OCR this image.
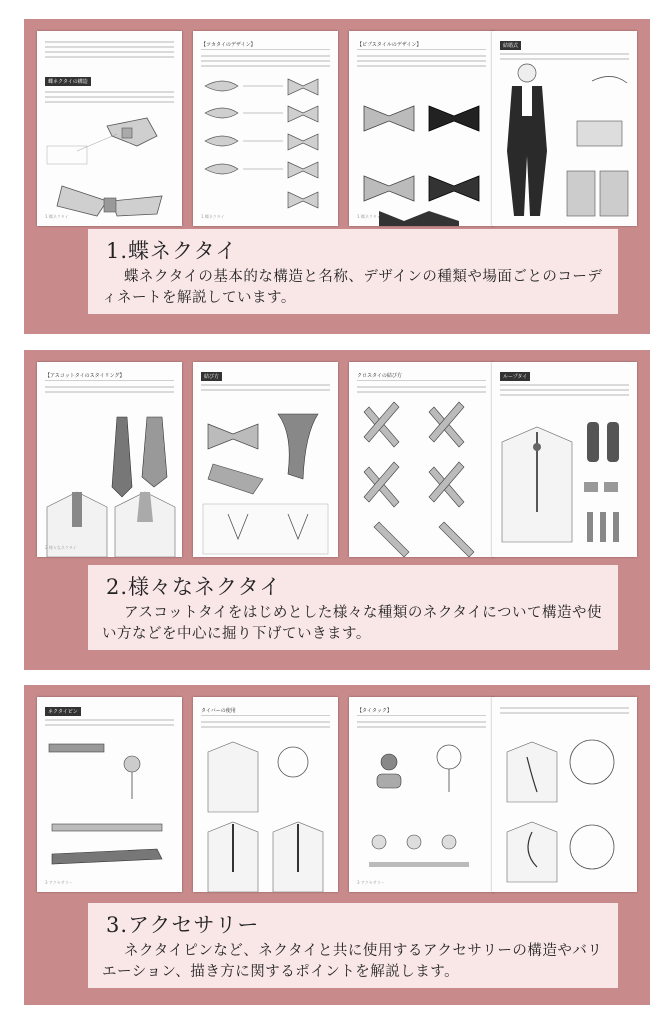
蝶ネクタイの構造
1 蝶ネクタイ
【ツカタイのデザイン】
1 蝶ネクタイ
【ビブスタイルのデザイン】
1 蝶ネクタイ
結婚式
1.蝶ネクタイ
蝶ネクタイの基本的な構造と名称、デザインの種類や場面ごとのコーディネートを解説しています。
【アスコットタイのスタイリング】
2 様々なネクタイ
結び方	クロスタイの結び方	ループタイ
2.様々なネクタイ
アスコットタイをはじめとした様々な種類のネクタイについて構造や使い方などを中心に掘り下げていきます。
ネクタイピン
3 アクセサリー
タイバーの使用	【タイタック】
3 アクセサリー
3.アクセサリー
ネクタイピンなど、ネクタイと共に使用するアクセサリーの構造やバリエーション、描き方に関するポイントを解説します。
